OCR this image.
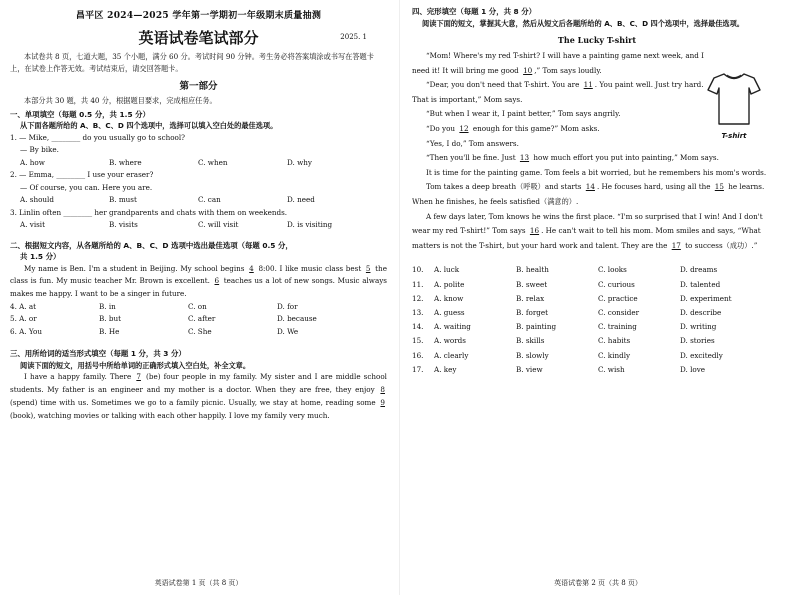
昌平区 2024—2025 学年第一学期初一年级期末质量抽测
英语试卷笔试部分	2025. 1

本试卷共 8 页，七道大题，35 个小题，满分 60 分。考试时间 90 分钟。考生务必将答案填涂或书写在答题卡上，在试卷上作答无效。考试结束后，请交回答题卡。

第一部分

本部分共 30 题，共 40 分，根据题目要求，完成相应任务。

一、单项填空（每题 0.5 分，共 1.5 分）

从下面各题所给的 A、B、C、D 四个选项中，选择可以填入空白处的最佳选项。

1. — Mike, ________ do you usually go to school?

— By bike.

A. how	B. where	C. when	D. why

2. — Emma, ________ I use your eraser?

— Of course, you can. Here you are.

A. should	B. must	C. can	D. need

3. Linlin often ________ her grandparents and chats with them on weekends.

A. visit	B. visits	C. will visit	D. is visiting

二、根据短文内容，从各题所给的 A、B、C、D 选项中选出最佳选项（每题 0.5 分，

共 1.5 分）

My name is Ben. I'm a student in Beijing. My school begins 4 8:00. I like music class best 5 the class is fun. My music teacher Mr. Brown is excellent. 6 teaches us a lot of new songs. Music always makes me happy. I want to be a singer in future.

4. A. at	B. in	C. on	D. for
5. A. or	B. but	C. after	D. because
6. A. You	B. He	C. She	D. We

三、用所给词的适当形式填空（每题 1 分，共 3 分）

阅读下面的短文，用括号中所给单词的正确形式填入空白处，补全文章。

I have a happy family. There 7 (be) four people in my family. My sister and I are middle school students. My father is an engineer and my mother is a doctor. When they are free, they enjoy 8 (spend) time with us. Sometimes we go to a family picnic. Usually, we stay at home, reading some 9 (book), watching movies or talking with each other happily. I love my family very much.

英语试卷第 1 页（共 8 页）

四、完形填空（每题 1 分，共 8 分）

阅读下面的短文，掌握其大意，然后从短文后各题所给的 A、B、C、D 四个选项中，选择最佳选项。

The Lucky T-shirt
T-shirt

“Mom! Where's my red T-shirt? I will have a painting game next week, and I need it! It will bring me good 10 ,” Tom says loudly.

“Dear, you don't need that T-shirt. You are 11 . You paint well. Just try hard. That is important,” Mom says.

“But when I wear it, I paint better,” Tom says angrily.

“Do you 12 enough for this game?” Mom asks.

“Yes, I do,” Tom answers.

“Then you'll be fine. Just 13 how much effort you put into painting,” Mom says.

It is time for the painting game. Tom feels a bit worried, but he remembers his mom's words.

Tom takes a deep breath（呼吸）and starts 14 . He focuses hard, using all the 15 he learns. When he finishes, he feels satisfied（满意的）.

A few days later, Tom knows he wins the first place. “I'm so surprised that I win! And I don't wear my red T-shirt!” Tom says 16 . He can't wait to tell his mom. Mom smiles and says, “What matters is not the T-shirt, but your hard work and talent. They are the 17 to success（成功）.”

10.	A. luck	B. health	C. looks	D. dreams
11.	A. polite	B. sweet	C. curious	D. talented
12.	A. know	B. relax	C. practice	D. experiment
13.	A. guess	B. forget	C. consider	D. describe
14.	A. waiting	B. painting	C. training	D. writing
15.	A. words	B. skills	C. habits	D. stories
16.	A. clearly	B. slowly	C. kindly	D. excitedly
17.	A. key	B. view	C. wish	D. love
英语试卷第 2 页（共 8 页）
